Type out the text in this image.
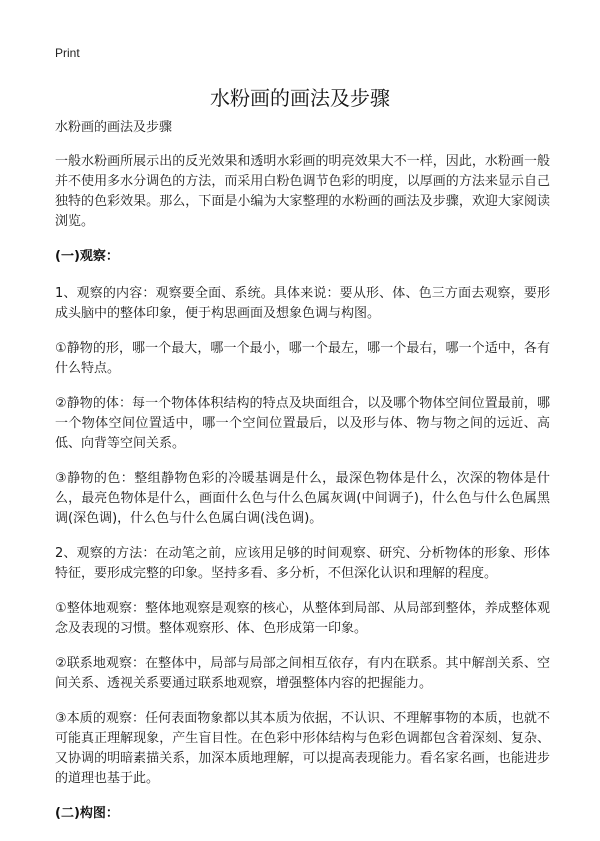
Print
水粉画的画法及步骤

水粉画的画法及步骤

一般水粉画所展示出的反光效果和透明水彩画的明亮效果大不一样，因此，水粉画一般并不使用多水分调色的方法，而采用白粉色调节色彩的明度，以厚画的方法来显示自己独特的色彩效果。那么，下面是小编为大家整理的水粉画的画法及步骤，欢迎大家阅读浏览。

(一)观察：

1、观察的内容：观察要全面、系统。具体来说：要从形、体、色三方面去观察，要形成头脑中的整体印象，便于构思画面及想象色调与构图。

①静物的形，哪一个最大，哪一个最小，哪一个最左，哪一个最右，哪一个适中，各有什么特点。

②静物的体：每一个物体体积结构的特点及块面组合，以及哪个物体空间位置最前，哪一个物体空间位置适中，哪一个空间位置最后，以及形与体、物与物之间的远近、高低、向背等空间关系。

③静物的色：整组静物色彩的冷暖基调是什么，最深色物体是什么，次深的物体是什么，最亮色物体是什么，画面什么色与什么色属灰调(中间调子)，什么色与什么色属黑调(深色调)，什么色与什么色属白调(浅色调)。

2、观察的方法：在动笔之前，应该用足够的时间观察、研究、分析物体的形象、形体特征，要形成完整的印象。坚持多看、多分析，不但深化认识和理解的程度。

①整体地观察：整体地观察是观察的核心，从整体到局部、从局部到整体，养成整体观念及表现的习惯。整体观察形、体、色形成第一印象。

②联系地观察：在整体中，局部与局部之间相互依存，有内在联系。其中解剖关系、空间关系、透视关系要通过联系地观察，增强整体内容的把握能力。

③本质的观察：任何表面物象都以其本质为依据，不认识、不理解事物的本质，也就不可能真正理解现象，产生盲目性。在色彩中形体结构与色彩色调都包含着深刻、复杂、又协调的明暗素描关系，加深本质地理解，可以提高表现能力。看名家名画，也能进步的道理也基于此。

(二)构图：
